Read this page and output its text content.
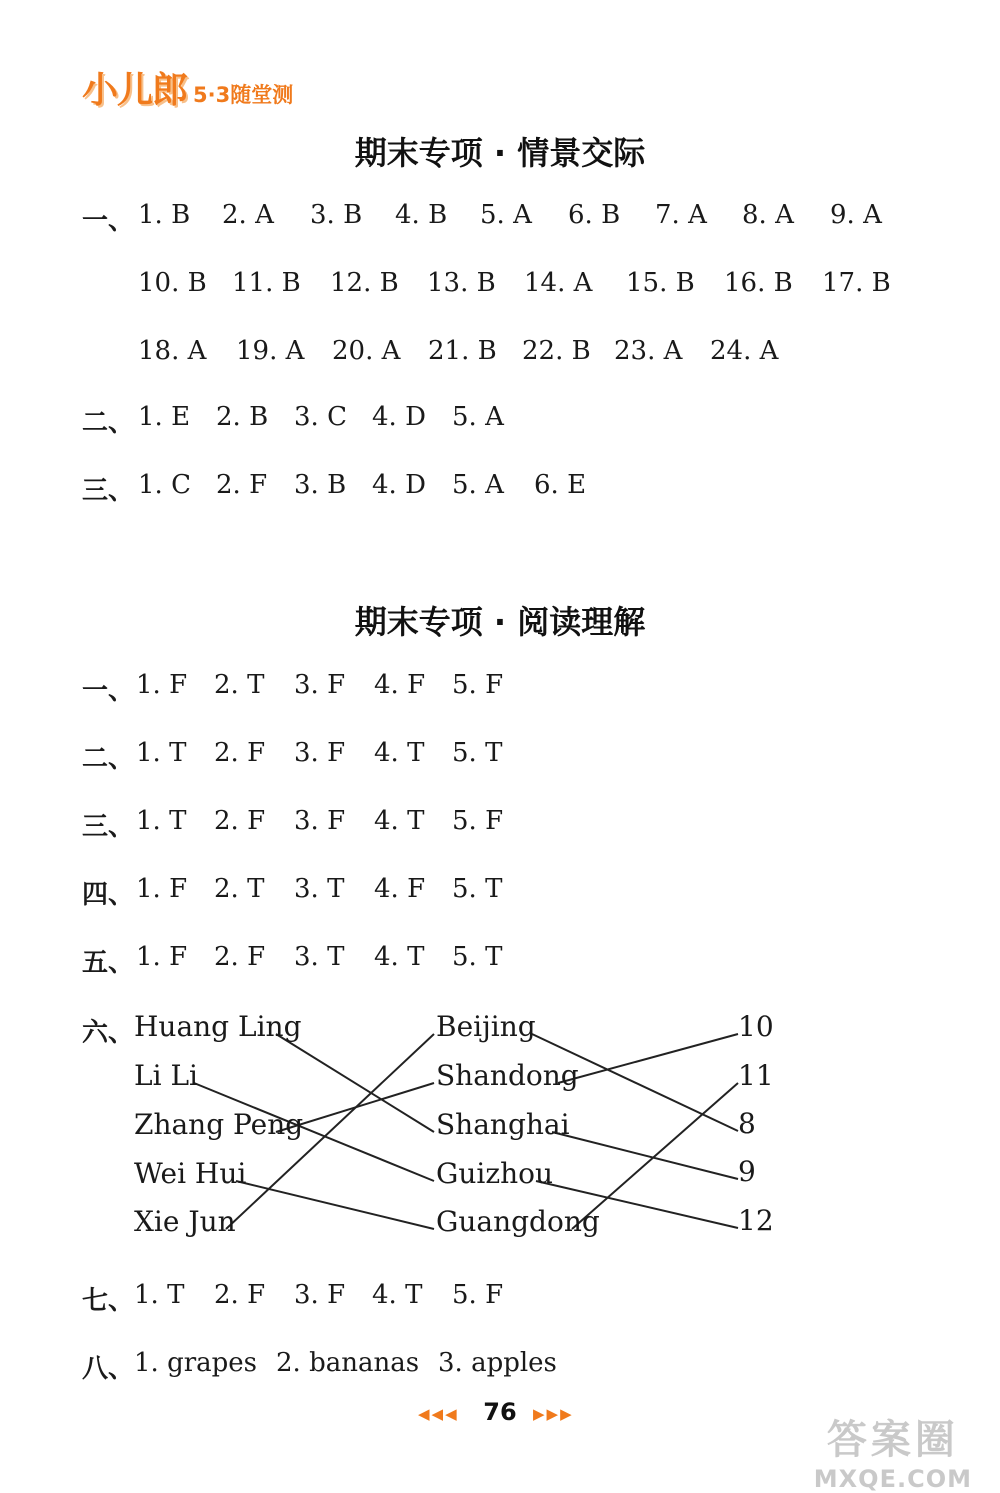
小儿郎 5·3随堂测
期末专项 · 情景交际
一、 1. B 2. A 3. B 4. B 5. A 6. B 7. A 8. A 9. A
10. B 11. B 12. B 13. B 14. A 15. B 16. B 17. B
18. A 19. A 20. A 21. B 22. B 23. A 24. A
二、 1. E 2. B 3. C 4. D 5. A
三、 1. C 2. F 3. B 4. D 5. A 6. E
期末专项 · 阅读理解
一、 1. F 2. T 3. F 4. F 5. F
二、 1. T 2. F 3. F 4. T 5. T
三、 1. T 2. F 3. F 4. T 5. F
四、 1. F 2. T 3. T 4. F 5. T
五、 1. F 2. F 3. T 4. T 5. T
六、 Huang Ling
Li Li
Zhang Peng
Wei Hui
Xie Jun
Beijing
Shandong
Shanghai
Guizhou
Guangdong
10
11
8
9
12
七、 1. T 2. F 3. F 4. T 5. F
八、 1. grapes 2. bananas 3. apples
◀◀◀	76	▶▶▶
答案圈
MXQE.COM
